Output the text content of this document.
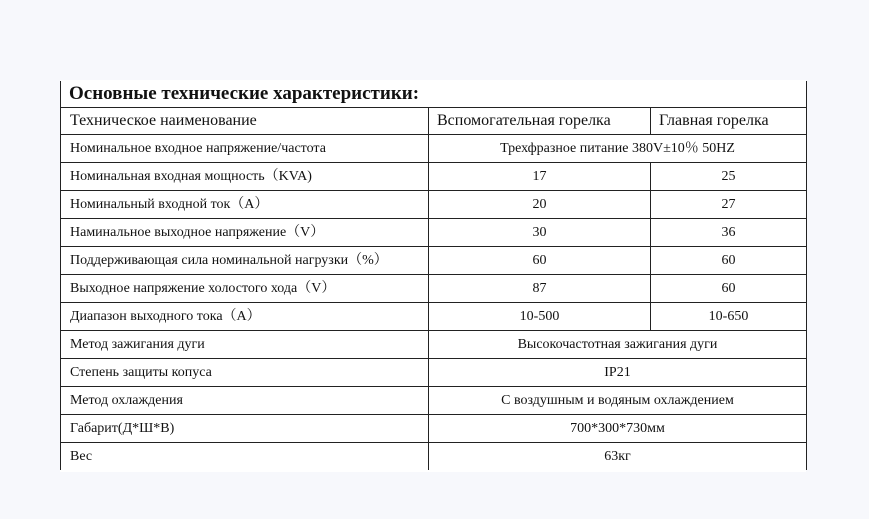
Основные технические характеристики:		
Техническое наименование	Вспомогательная горелка	Главная горелка
Номинальное входное напряжение/частота	Трехфразное питание 380V±10％ 50HZ	
Номинальная входная мощность（KVA)	17	25
Номинальный входной ток（A）	20	27
Наминальное выходное напряжение（V）	30	36
Поддерживающая сила номинальной нагрузки（%）	60	60
Выходное напряжение холостого хода（V）	87	60
Диапазон выходного тока（A）	10-500	10-650
Метод зажигания дуги	Высокочастотная зажигания дуги	
Степень защиты копуса	IP21	
Метод охлаждения	С воздушным и водяным охлаждением	
Габарит(Д*Ш*В)	700*300*730мм	
Вес	63кг	
